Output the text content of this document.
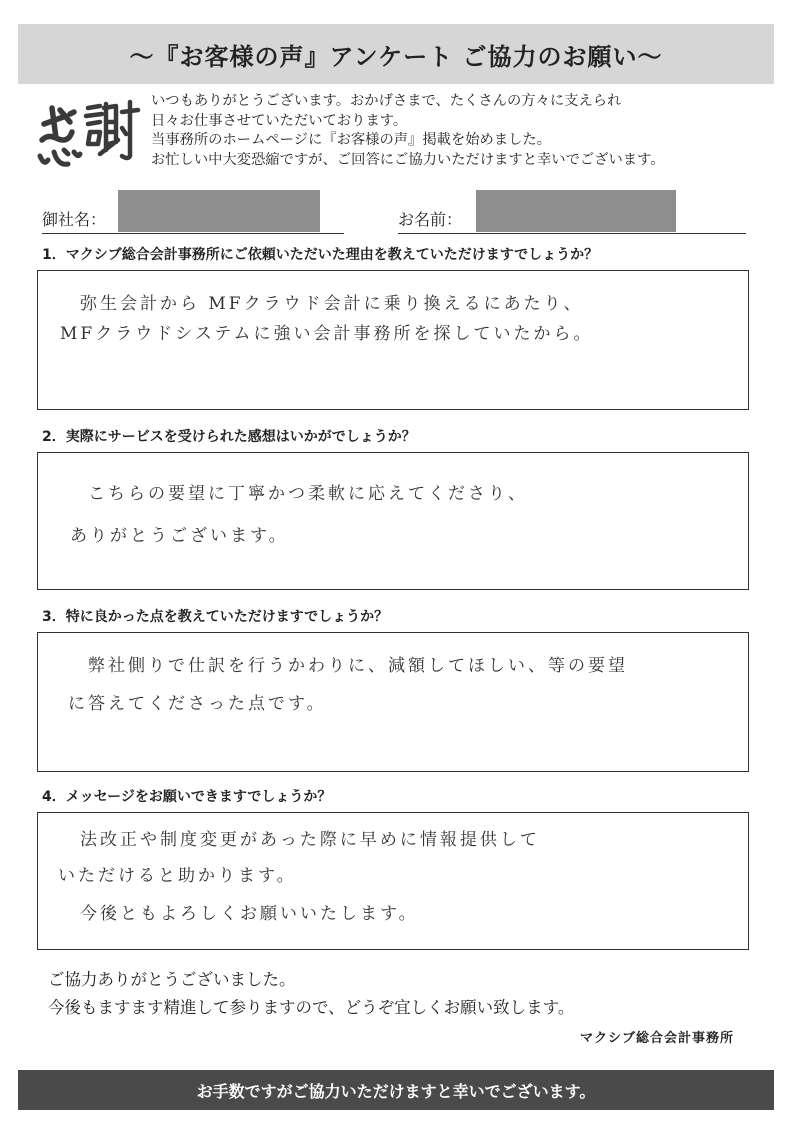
～『お客様の声』アンケート ご協力のお願い～
いつもありがとうございます。おかげさまで、たくさんの方々に支えられ
日々お仕事させていただいております。
当事務所のホームページに『お客様の声』掲載を始めました。
お忙しい中大変恐縮ですが、ご回答にご協力いただけますと幸いでございます。
御社名：	お名前：
1．マクシブ総合会計事務所にご依頼いただいた理由を教えていただけますでしょうか？
弥生会計から MFクラウド会計に乗り換えるにあたり、
MFクラウドシステムに強い会計事務所を探していたから。
2．実際にサービスを受けられた感想はいかがでしょうか？
こちらの要望に丁寧かつ柔軟に応えてくださり、
ありがとうございます。
3．特に良かった点を教えていただけますでしょうか？
弊社側りで仕訳を行うかわりに、減額してほしい、等の要望
に答えてくださった点です。
4．メッセージをお願いできますでしょうか？
法改正や制度変更があった際に早めに情報提供して
いただけると助かります。
今後ともよろしくお願いいたします。
ご協力ありがとうございました。
今後もますます精進して参りますので、どうぞ宜しくお願い致します。
マクシブ総合会計事務所
お手数ですがご協力いただけますと幸いでございます。
